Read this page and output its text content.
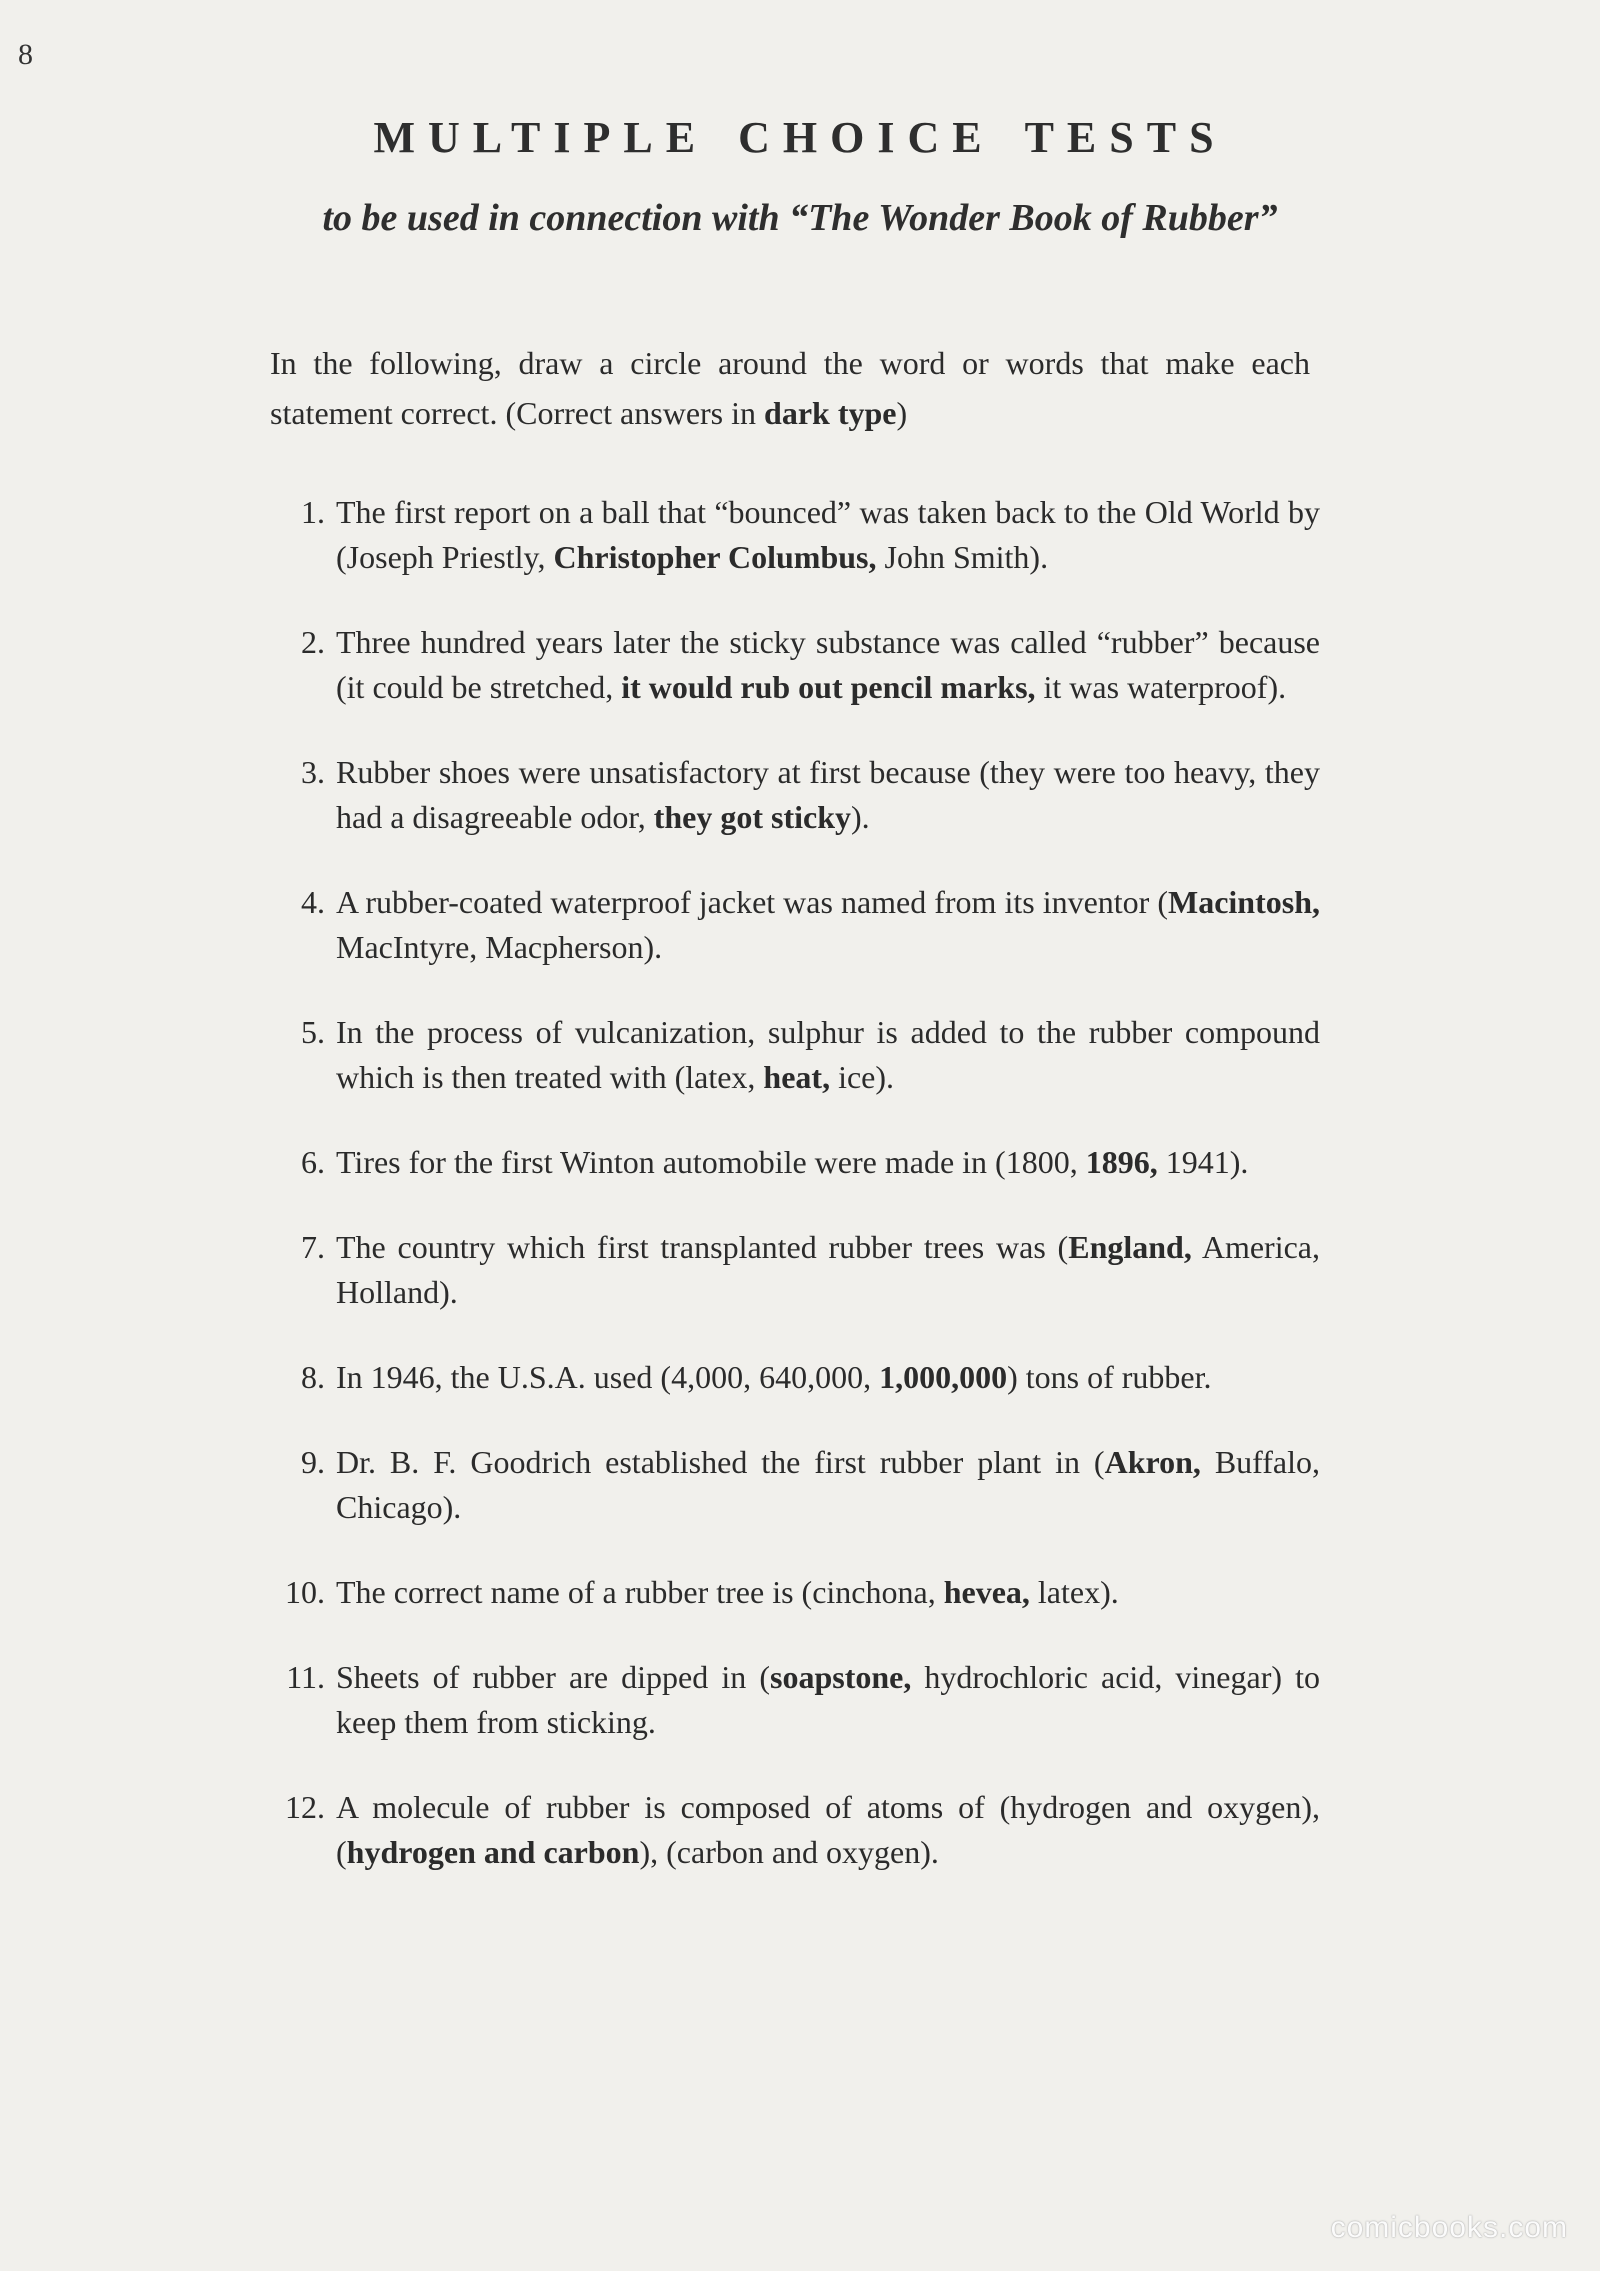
8
MULTIPLE CHOICE TESTS
to be used in connection with “The Wonder Book of Rubber”
In the following, draw a circle around the word or words that make each statement correct. (Correct answers in dark type)
1. The first report on a ball that “bounced” was taken back to the Old World by (Joseph Priestly, Christopher Columbus, John Smith).
2. Three hundred years later the sticky substance was called “rubber” because (it could be stretched, it would rub out pencil marks, it was waterproof).
3. Rubber shoes were unsatisfactory at first because (they were too heavy, they had a disagreeable odor, they got sticky).
4. A rubber-coated waterproof jacket was named from its inventor (Macintosh, MacIntyre, Macpherson).
5. In the process of vulcanization, sulphur is added to the rubber compound which is then treated with (latex, heat, ice).
6. Tires for the first Winton automobile were made in (1800, 1896, 1941).
7. The country which first transplanted rubber trees was (England, America, Holland).
8. In 1946, the U.S.A. used (4,000, 640,000, 1,000,000) tons of rubber.
9. Dr. B. F. Goodrich established the first rubber plant in (Akron, Buffalo, Chicago).
10. The correct name of a rubber tree is (cinchona, hevea, latex).
11. Sheets of rubber are dipped in (soapstone, hydrochloric acid, vinegar) to keep them from sticking.
12. A molecule of rubber is composed of atoms of (hydrogen and oxygen), (hydrogen and carbon), (carbon and oxygen).
comicbooks.com
